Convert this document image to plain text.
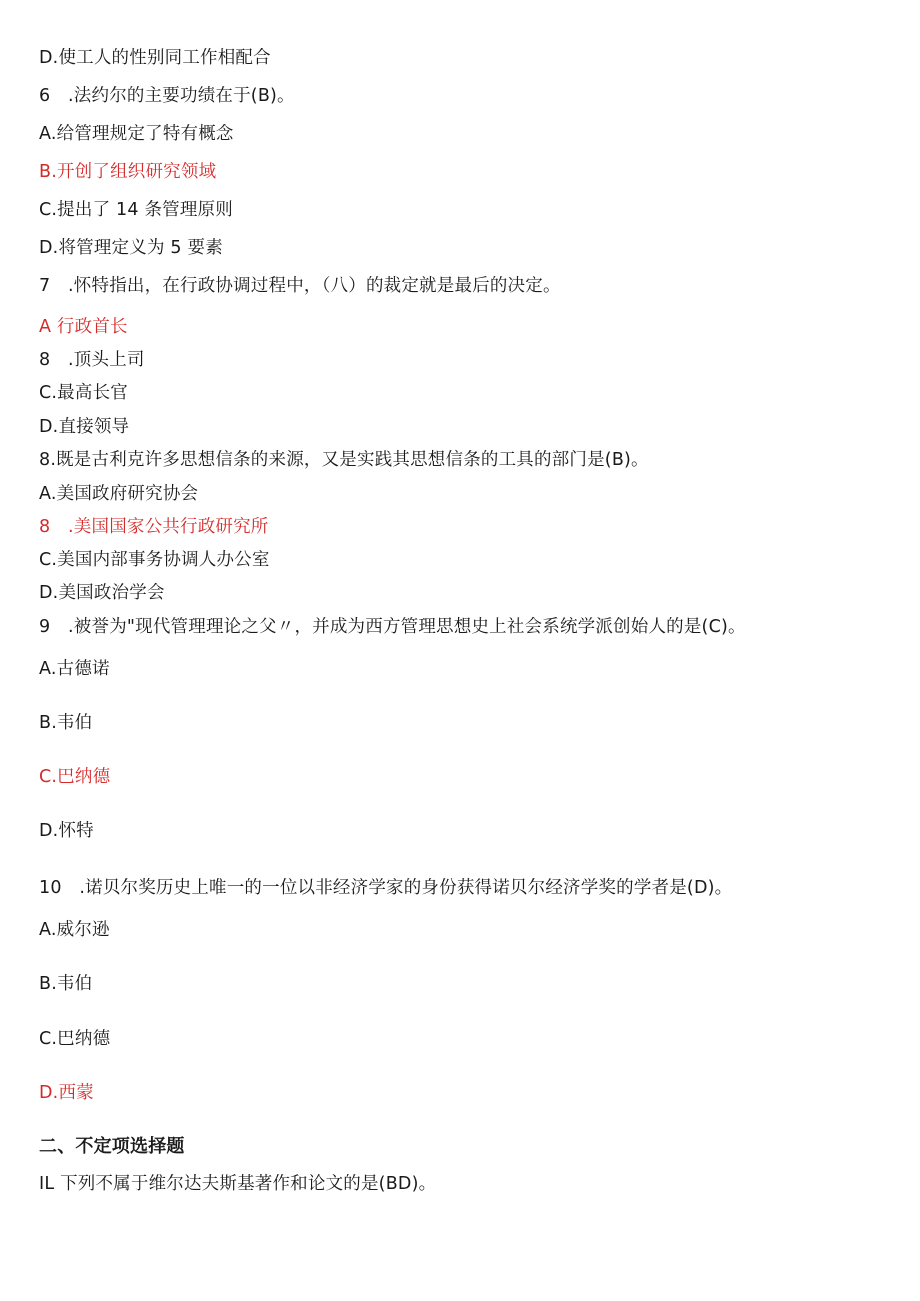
D.使工人的性别同工作相配合
6　.法约尔的主要功绩在于(B)。
A.给管理规定了特有概念
B.开创了组织研究领域
C.提出了 14 条管理原则
D.将管理定义为 5 要素
7　.怀特指出，在行政协调过程中，（八）的裁定就是最后的决定。
A 行政首长
8　.顶头上司
C.最高长官
D.直接领导
8.既是古利克许多思想信条的来源，又是实践其思想信条的工具的部门是(B)。
A.美国政府研究协会
8　.美国国家公共行政研究所
C.美国内部事务协调人办公室
D.美国政治学会
9　.被誉为"现代管理理论之父〃，并成为西方管理思想史上社会系统学派创始人的是(C)。
A.古德诺
B.韦伯
C.巴纳德
D.怀特
10　.诺贝尔奖历史上唯一的一位以非经济学家的身份获得诺贝尔经济学奖的学者是(D)。
A.威尔逊
B.韦伯
C.巴纳德
D.西蒙
二、不定项选择题
IL 下列不属于维尔达夫斯基著作和论文的是(BD)。
